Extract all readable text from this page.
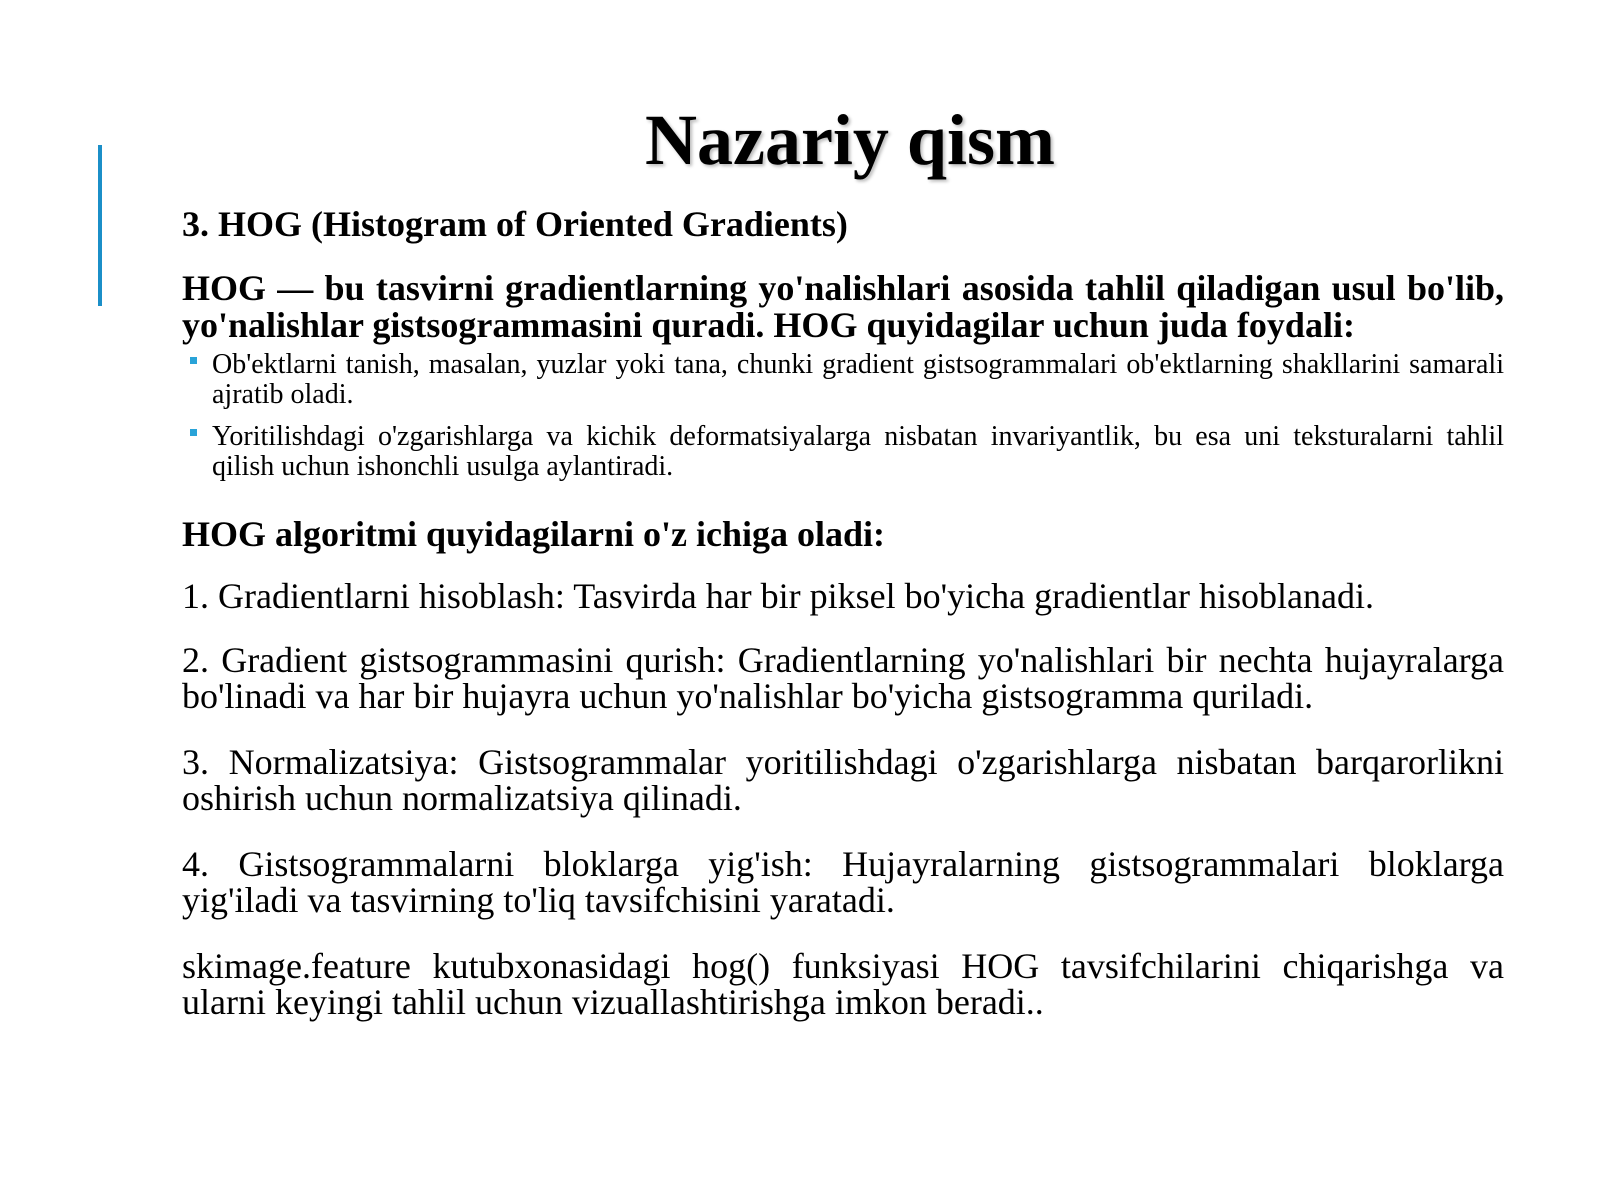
Nazariy qism

3. HOG (Histogram of Oriented Gradients)

HOG — bu tasvirni gradientlarning yo'nalishlari asosida tahlil qiladigan usul bo'lib, yo'nalishlar gistsogrammasini quradi. HOG quyidagilar uchun juda foydali:

Ob'ektlarni tanish, masalan, yuzlar yoki tana, chunki gradient gistsogrammalari ob'ektlarning shakllarini samarali ajratib oladi.
Yoritilishdagi o'zgarishlarga va kichik deformatsiyalarga nisbatan invariyantlik, bu esa uni teksturalarni tahlil qilish uchun ishonchli usulga aylantiradi.

HOG algoritmi quyidagilarni o'z ichiga oladi:

1. Gradientlarni hisoblash: Tasvirda har bir piksel bo'yicha gradientlar hisoblanadi.

2. Gradient gistsogrammasini qurish: Gradientlarning yo'nalishlari bir nechta hujayralarga bo'linadi va har bir hujayra uchun yo'nalishlar bo'yicha gistsogramma quriladi.

3. Normalizatsiya: Gistsogrammalar yoritilishdagi o'zgarishlarga nisbatan barqarorlikni oshirish uchun normalizatsiya qilinadi.

4. Gistsogrammalarni bloklarga yig'ish: Hujayralarning gistsogrammalari bloklarga yig'iladi va tasvirning to'liq tavsifchisini yaratadi.

skimage.feature kutubxonasidagi hog() funksiyasi HOG tavsifchilarini chiqarishga va ularni keyingi tahlil uchun vizuallashtirishga imkon beradi..
